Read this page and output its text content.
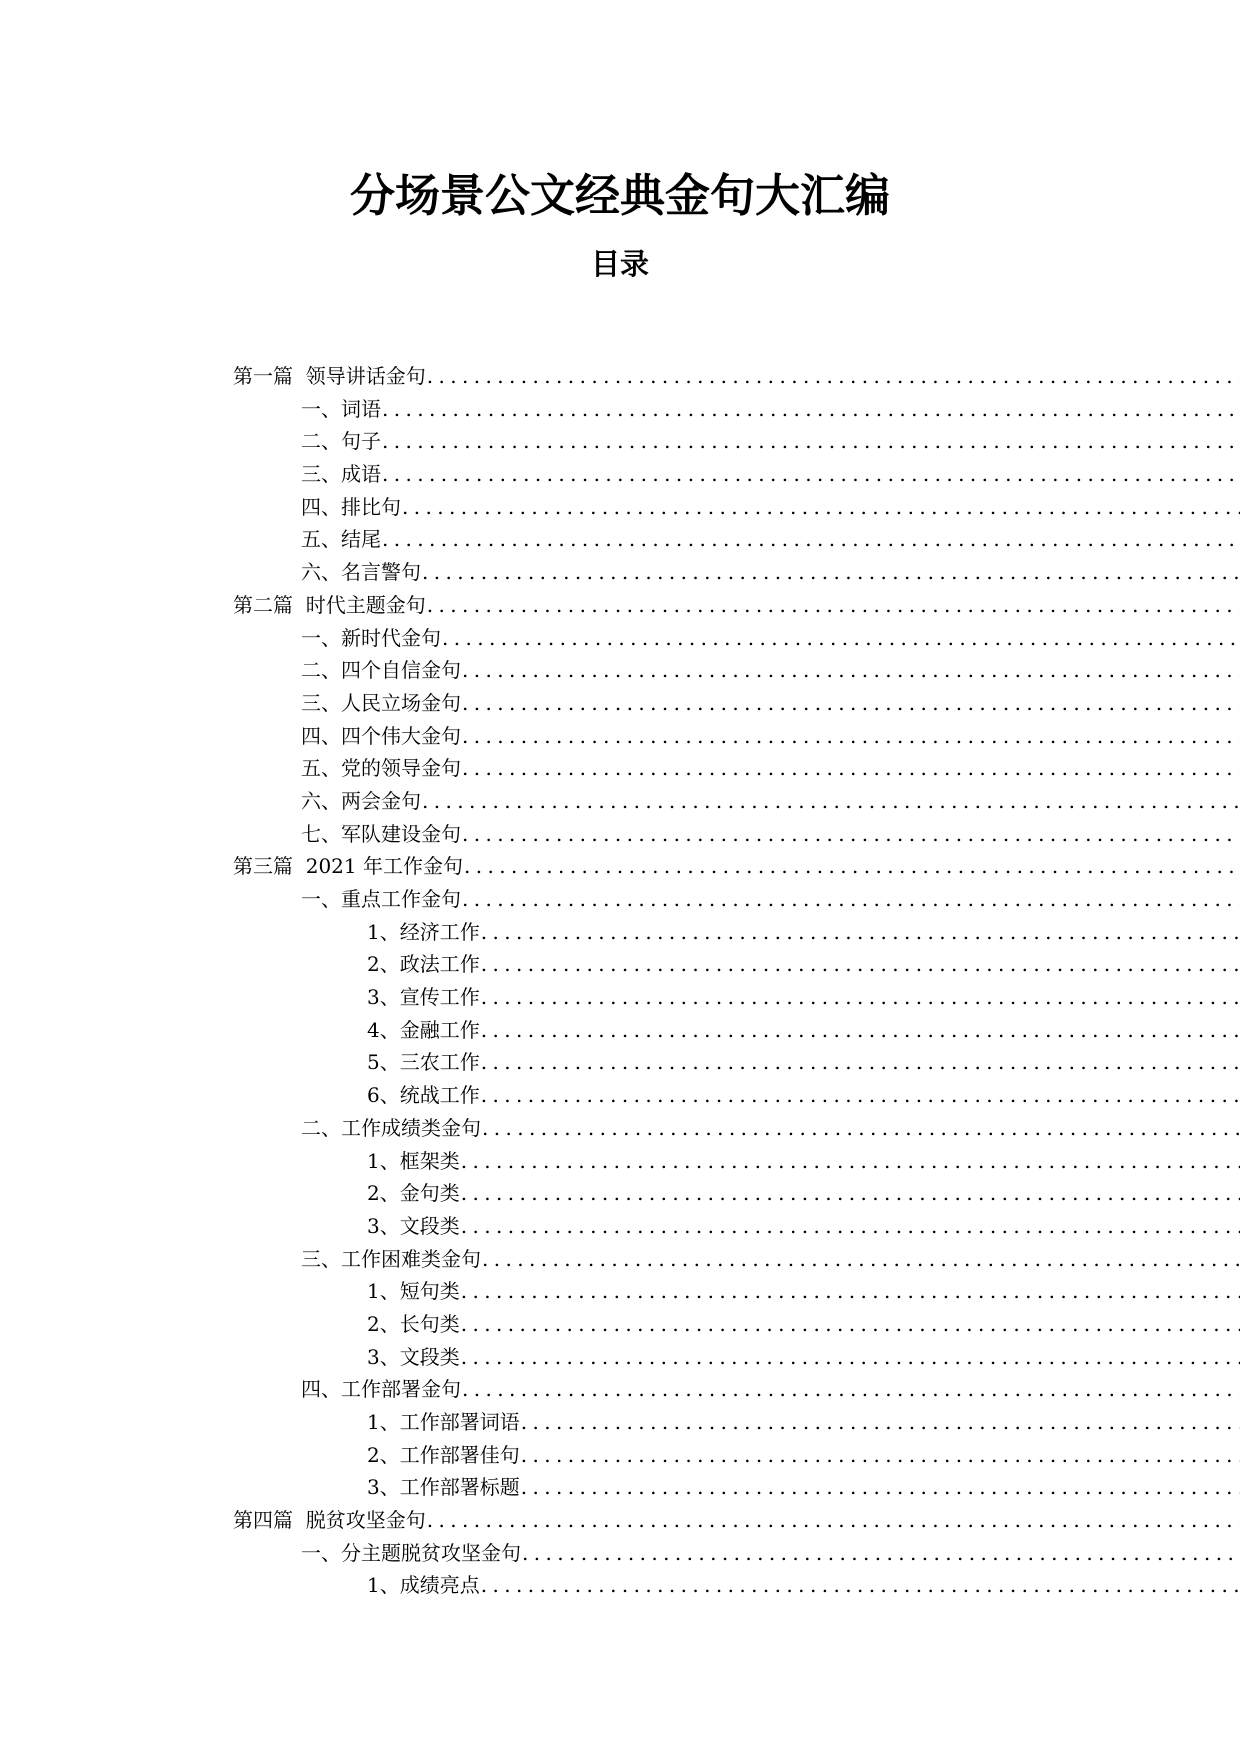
分场景公文经典金句大汇编
目录
第一篇  领导讲话金句
.....
一、词语
.....
二、句子
.....
三、成语
.....
四、排比句
.....
五、结尾
.....
六、名言警句
.....
第二篇  时代主题金句
.....
一、新时代金句
.....
二、四个自信金句
.....
三、人民立场金句
.....
四、四个伟大金句
.....
五、党的领导金句
.....
六、两会金句
.....
七、军队建设金句
.....
第三篇  2021 年工作金句
.....
一、重点工作金句
.....
1、经济工作
.....
2、政法工作
.....
3、宣传工作
.....
4、金融工作
.....
5、三农工作
.....
6、统战工作
.....
二、工作成绩类金句
.....
1、框架类
.....
2、金句类
.....
3、文段类
.....
三、工作困难类金句
.....
1、短句类
.....
2、长句类
.....
3、文段类
.....
四、工作部署金句
.....
1、工作部署词语
.....
2、工作部署佳句
.....
3、工作部署标题
.....
第四篇  脱贫攻坚金句
.....
一、分主题脱贫攻坚金句
.....
1、成绩亮点
.....
